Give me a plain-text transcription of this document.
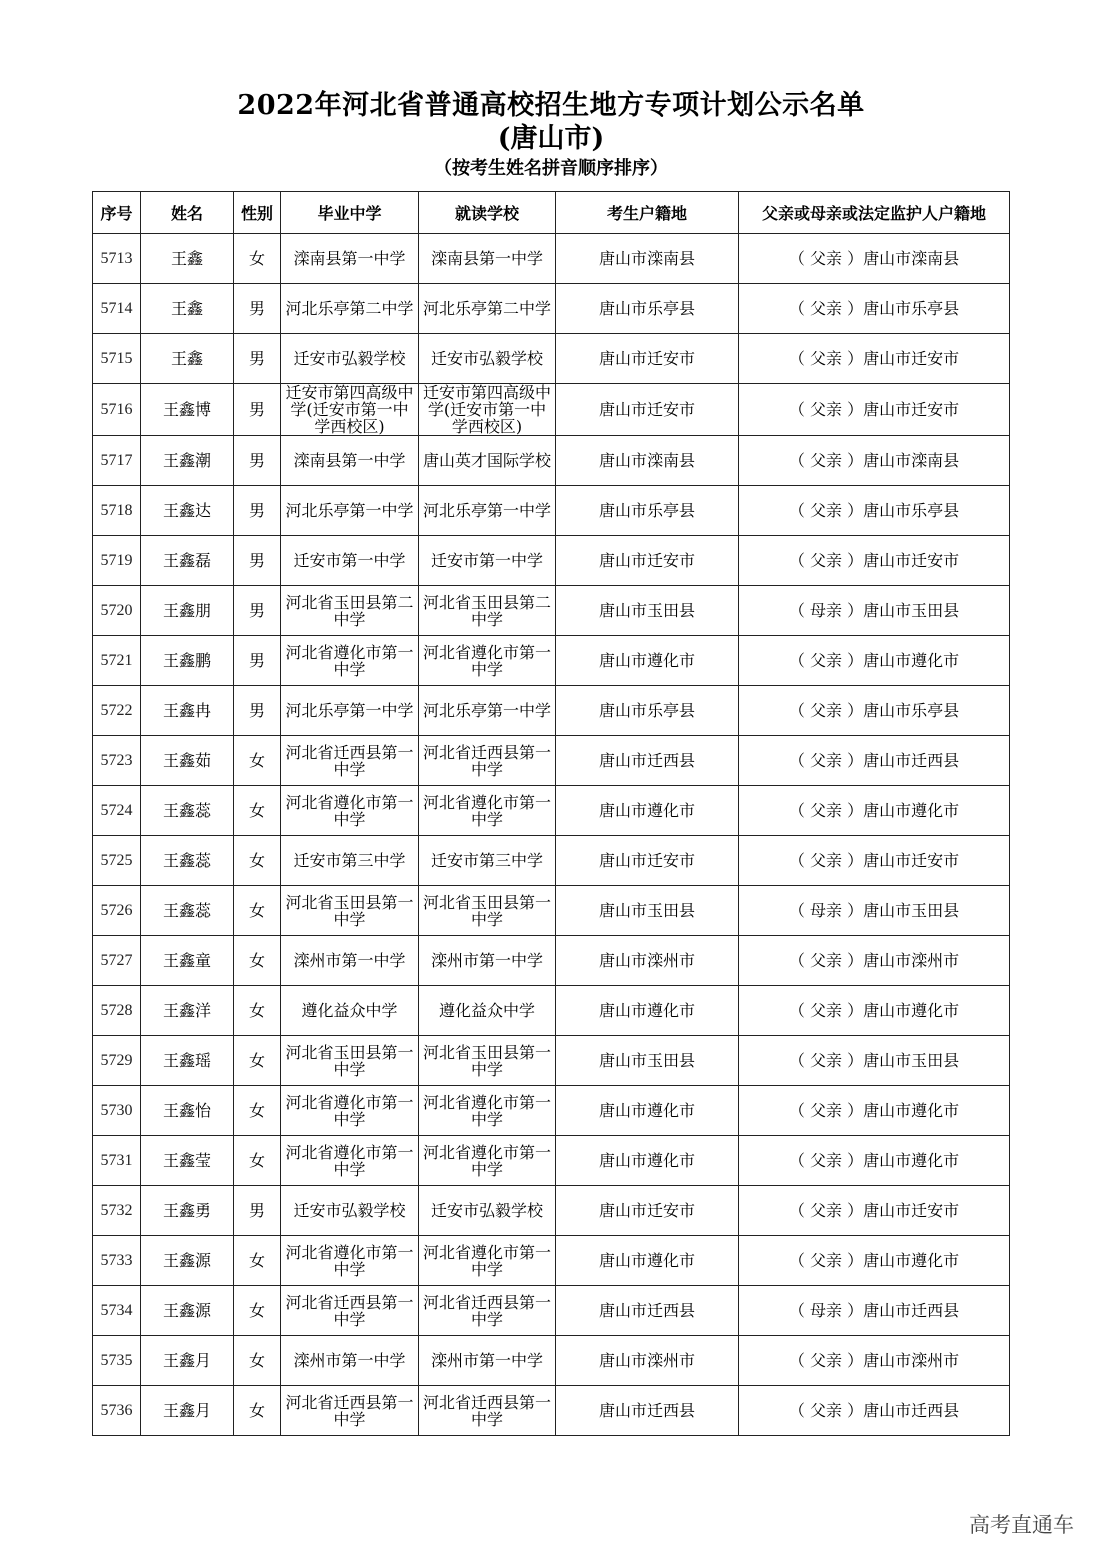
2022年河北省普通高校招生地方专项计划公示名单
(唐山市)
（按考生姓名拼音顺序排序）
序号	姓名	性别	毕业中学	就读学校	考生户籍地	父亲或母亲或法定监护人户籍地
5713	王鑫	女	滦南县第一中学	滦南县第一中学	唐山市滦南县	（ 父亲 ）唐山市滦南县
5714	王鑫	男	河北乐亭第二中学	河北乐亭第二中学	唐山市乐亭县	（ 父亲 ）唐山市乐亭县
5715	王鑫	男	迁安市弘毅学校	迁安市弘毅学校	唐山市迁安市	（ 父亲 ）唐山市迁安市
5716	王鑫博	男	迁安市第四高级中学(迁安市第一中学西校区)	迁安市第四高级中学(迁安市第一中学西校区)	唐山市迁安市	（ 父亲 ）唐山市迁安市
5717	王鑫潮	男	滦南县第一中学	唐山英才国际学校	唐山市滦南县	（ 父亲 ）唐山市滦南县
5718	王鑫达	男	河北乐亭第一中学	河北乐亭第一中学	唐山市乐亭县	（ 父亲 ）唐山市乐亭县
5719	王鑫磊	男	迁安市第一中学	迁安市第一中学	唐山市迁安市	（ 父亲 ）唐山市迁安市
5720	王鑫朋	男	河北省玉田县第二中学	河北省玉田县第二中学	唐山市玉田县	（ 母亲 ）唐山市玉田县
5721	王鑫鹏	男	河北省遵化市第一中学	河北省遵化市第一中学	唐山市遵化市	（ 父亲 ）唐山市遵化市
5722	王鑫冉	男	河北乐亭第一中学	河北乐亭第一中学	唐山市乐亭县	（ 父亲 ）唐山市乐亭县
5723	王鑫茹	女	河北省迁西县第一中学	河北省迁西县第一中学	唐山市迁西县	（ 父亲 ）唐山市迁西县
5724	王鑫蕊	女	河北省遵化市第一中学	河北省遵化市第一中学	唐山市遵化市	（ 父亲 ）唐山市遵化市
5725	王鑫蕊	女	迁安市第三中学	迁安市第三中学	唐山市迁安市	（ 父亲 ）唐山市迁安市
5726	王鑫蕊	女	河北省玉田县第一中学	河北省玉田县第一中学	唐山市玉田县	（ 母亲 ）唐山市玉田县
5727	王鑫童	女	滦州市第一中学	滦州市第一中学	唐山市滦州市	（ 父亲 ）唐山市滦州市
5728	王鑫洋	女	遵化益众中学	遵化益众中学	唐山市遵化市	（ 父亲 ）唐山市遵化市
5729	王鑫瑶	女	河北省玉田县第一中学	河北省玉田县第一中学	唐山市玉田县	（ 父亲 ）唐山市玉田县
5730	王鑫怡	女	河北省遵化市第一中学	河北省遵化市第一中学	唐山市遵化市	（ 父亲 ）唐山市遵化市
5731	王鑫莹	女	河北省遵化市第一中学	河北省遵化市第一中学	唐山市遵化市	（ 父亲 ）唐山市遵化市
5732	王鑫勇	男	迁安市弘毅学校	迁安市弘毅学校	唐山市迁安市	（ 父亲 ）唐山市迁安市
5733	王鑫源	女	河北省遵化市第一中学	河北省遵化市第一中学	唐山市遵化市	（ 父亲 ）唐山市遵化市
5734	王鑫源	女	河北省迁西县第一中学	河北省迁西县第一中学	唐山市迁西县	（ 母亲 ）唐山市迁西县
5735	王鑫月	女	滦州市第一中学	滦州市第一中学	唐山市滦州市	（ 父亲 ）唐山市滦州市
5736	王鑫月	女	河北省迁西县第一中学	河北省迁西县第一中学	唐山市迁西县	（ 父亲 ）唐山市迁西县
高考直通车
